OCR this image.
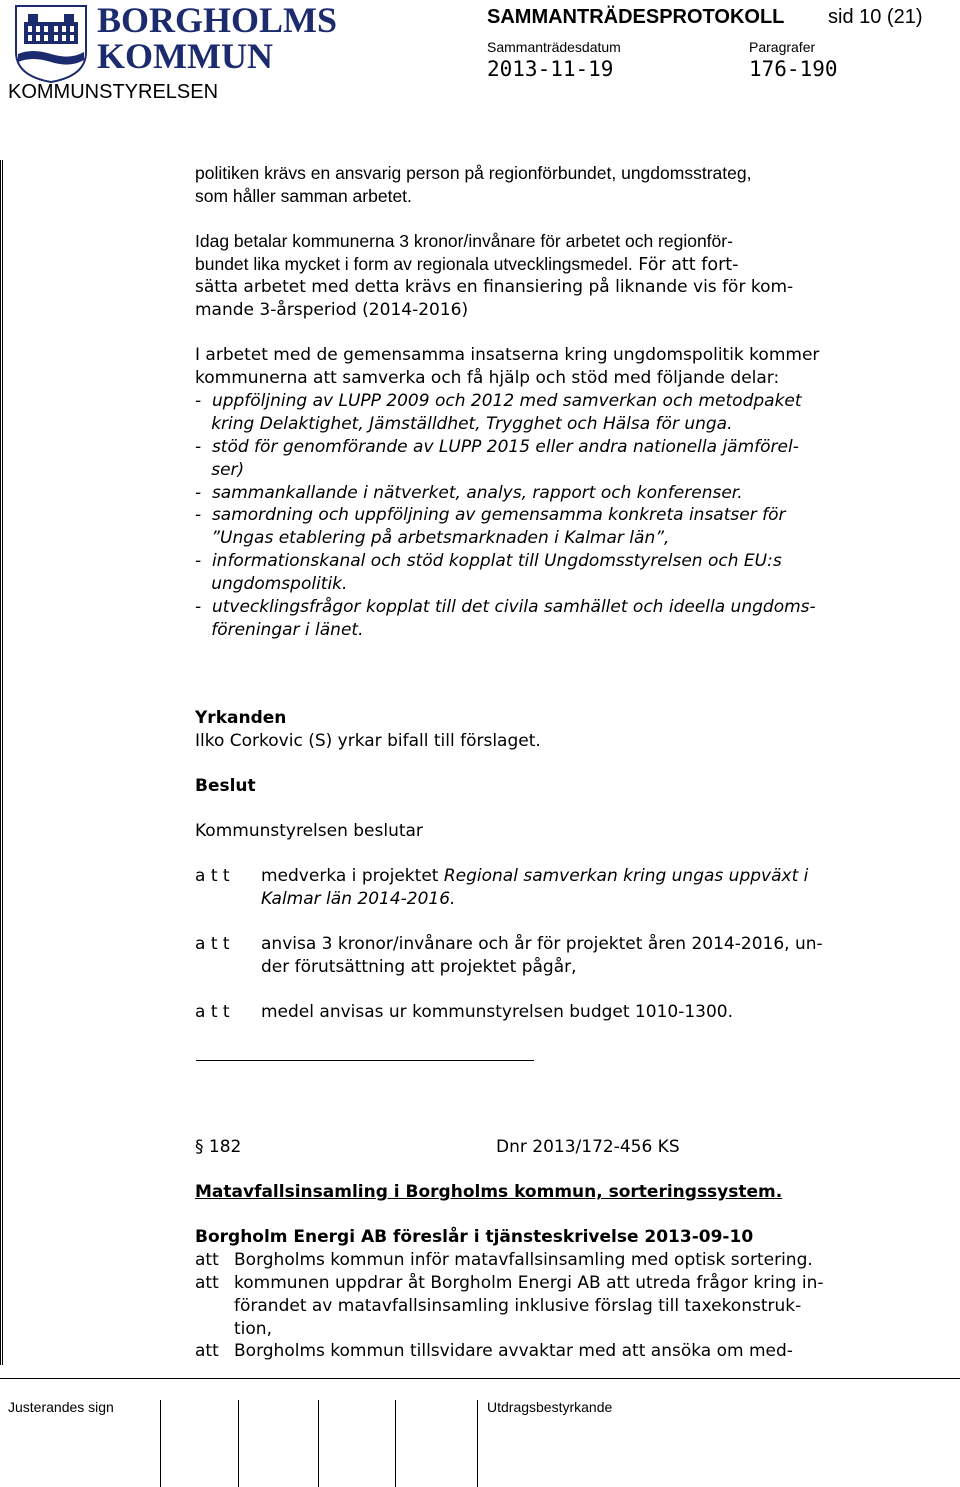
BORGHOLMS
KOMMUN
KOMMUNSTYRELSEN
SAMMANTRÄDESPROTOKOLL sid 10 (21)
Sammanträdesdatum	Paragrafer
2013-11-19	176-190
politiken krävs en ansvarig person på regionförbundet, ungdomsstrateg,
som håller samman arbetet.
Idag betalar kommunerna 3 kronor/invånare för arbetet och regionför-
bundet lika mycket i form av regionala utvecklingsmedel. För att fort-
sätta arbetet med detta krävs en finansiering på liknande vis för kom-
mande 3-årsperiod (2014-2016)
I arbetet med de gemensamma insatserna kring ungdomspolitik kommer
kommunerna att samverka och få hjälp och stöd med följande delar:
-  uppföljning av LUPP 2009 och 2012 med samverkan och metodpaket
kring Delaktighet, Jämställdhet, Trygghet och Hälsa för unga.
-  stöd för genomförande av LUPP 2015 eller andra nationella jämförel-
ser)
-  sammankallande i nätverket, analys, rapport och konferenser.
-  samordning och uppföljning av gemensamma konkreta insatser för
”Ungas etablering på arbetsmarknaden i Kalmar län”,
-  informationskanal och stöd kopplat till Ungdomsstyrelsen och EU:s
ungdomspolitik.
-  utvecklingsfrågor kopplat till det civila samhället och ideella ungdoms-
föreningar i länet.
Yrkanden
Ilko Corkovic (S) yrkar bifall till förslaget.
Beslut
Kommunstyrelsen beslutar
a t t medverka i projektet Regional samverkan kring ungas uppväxt i
Kalmar län 2014-2016.
a t t anvisa 3 kronor/invånare och år för projektet åren 2014-2016, un-
der förutsättning att projektet pågår,
a t t medel anvisas ur kommunstyrelsen budget 1010-1300.
§ 182	Dnr 2013/172-456 KS
Matavfallsinsamling i Borgholms kommun, sorteringssystem.
Borgholm Energi AB föreslår i tjänsteskrivelse 2013-09-10
att Borgholms kommun inför matavfallsinsamling med optisk sortering.
att kommunen uppdrar åt Borgholm Energi AB att utreda frågor kring in-
förandet av matavfallsinsamling inklusive förslag till taxekonstruk-
tion,
att Borgholms kommun tillsvidare avvaktar med att ansöka om med-
Justerandes sign	Utdragsbestyrkande
